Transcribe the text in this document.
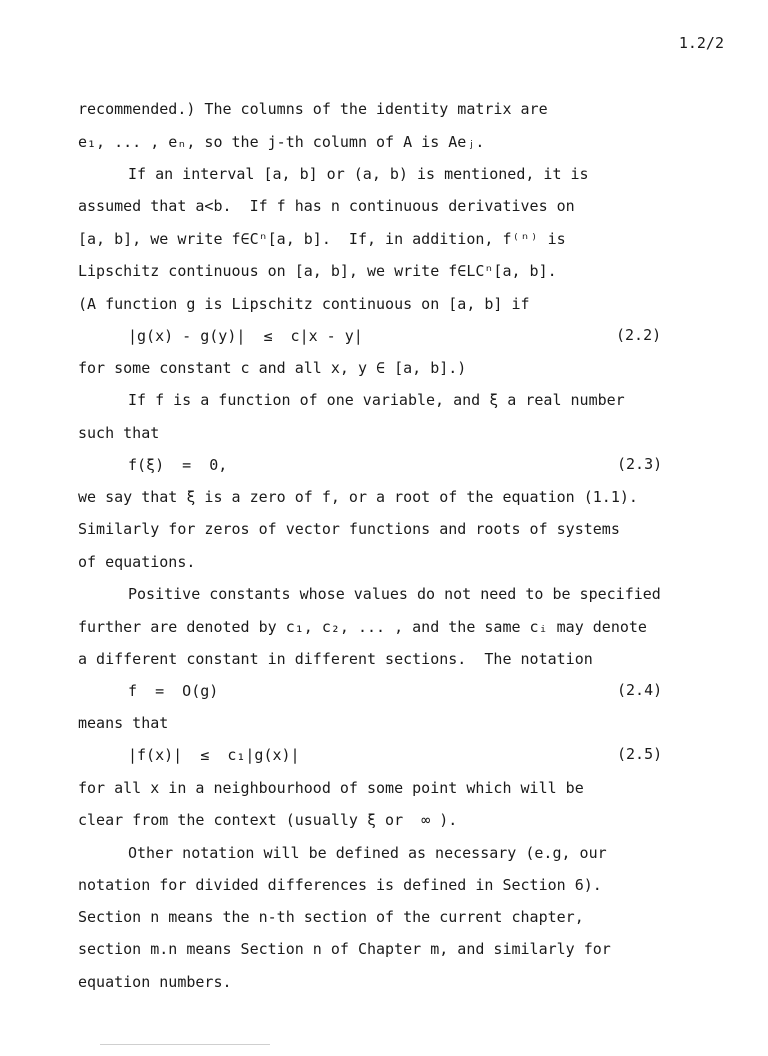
1.2/2
recommended.) The columns of the identity matrix are
e₁, ... , eₙ, so the j-th column of A is Aeⱼ.
If an interval [a, b] or (a, b) is mentioned, it is
assumed that a<b.  If f has n continuous derivatives on
[a, b], we write f∈Cⁿ[a, b].  If, in addition, f⁽ⁿ⁾ is
Lipschitz continuous on [a, b], we write f∈LCⁿ[a, b].
(A function g is Lipschitz continuous on [a, b] if
|g(x) - g(y)|  ≤  c|x - y|	(2.2)
for some constant c and all x, y ∈ [a, b].)
If f is a function of one variable, and ξ a real number
such that
f(ξ)  =  0,	(2.3)
we say that ξ is a zero of f, or a root of the equation (1.1).
Similarly for zeros of vector functions and roots of systems
of equations.
Positive constants whose values do not need to be specified
further are denoted by c₁, c₂, ... , and the same cᵢ may denote
a different constant in different sections.  The notation
f  =  O(g)	(2.4)
means that
|f(x)|  ≤  c₁|g(x)|	(2.5)
for all x in a neighbourhood of some point which will be
clear from the context (usually ξ or  ∞ ).
Other notation will be defined as necessary (e.g, our
notation for divided differences is defined in Section 6).
Section n means the n-th section of the current chapter,
section m.n means Section n of Chapter m, and similarly for
equation numbers.
